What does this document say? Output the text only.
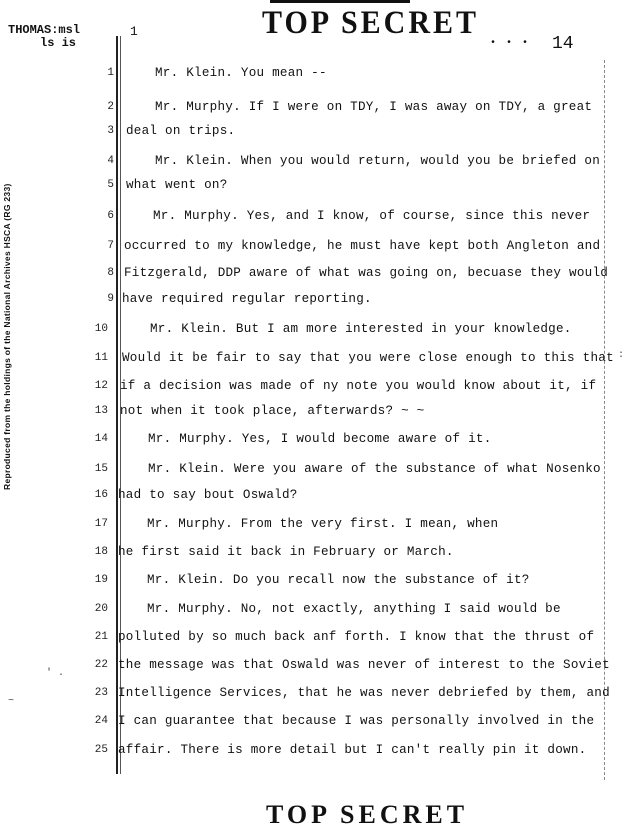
THOMAS:msl
ls is
1	TOP SECRET
• • • 14
Reproduced from the holdings of the National Archives HSCA (RG 233)
1	Mr. Klein. You mean --
2	Mr. Murphy. If I were on TDY, I was away on TDY, a great
3 deal on trips.
4	Mr. Klein. When you would return, would you be briefed on
5 what went on?
6	Mr. Murphy. Yes, and I know, of course, since this never
7 occurred to my knowledge, he must have kept both Angleton and
8 Fitzgerald, DDP aware of what was going on, becuase they would
9 have required regular reporting.
10	Mr. Klein. But I am more interested in your knowledge.
11 Would it be fair to say that you were close enough to this that
12 if a decision was made of ny note you would know about it, if
13 not when it took place, afterwards? ~ ~
14	Mr. Murphy. Yes, I would become aware of it.
15	Mr. Klein. Were you aware of the substance of what Nosenko
16 had to say bout Oswald?
17	Mr. Murphy. From the very first. I mean, when
18 he first said it back in February or March.
19	Mr. Klein. Do you recall now the substance of it?
20	Mr. Murphy. No, not exactly, anything I said would be
21 polluted by so much back anf forth. I know that the thrust of
22 the message was that Oswald was never of interest to the Soviet
23 Intelligence Services, that he was never debriefed by them, and
24 I can guarantee that because I was personally involved in the
25 affair. There is more detail but I can't really pin it down.
' .
~
:
TOP SECRET
